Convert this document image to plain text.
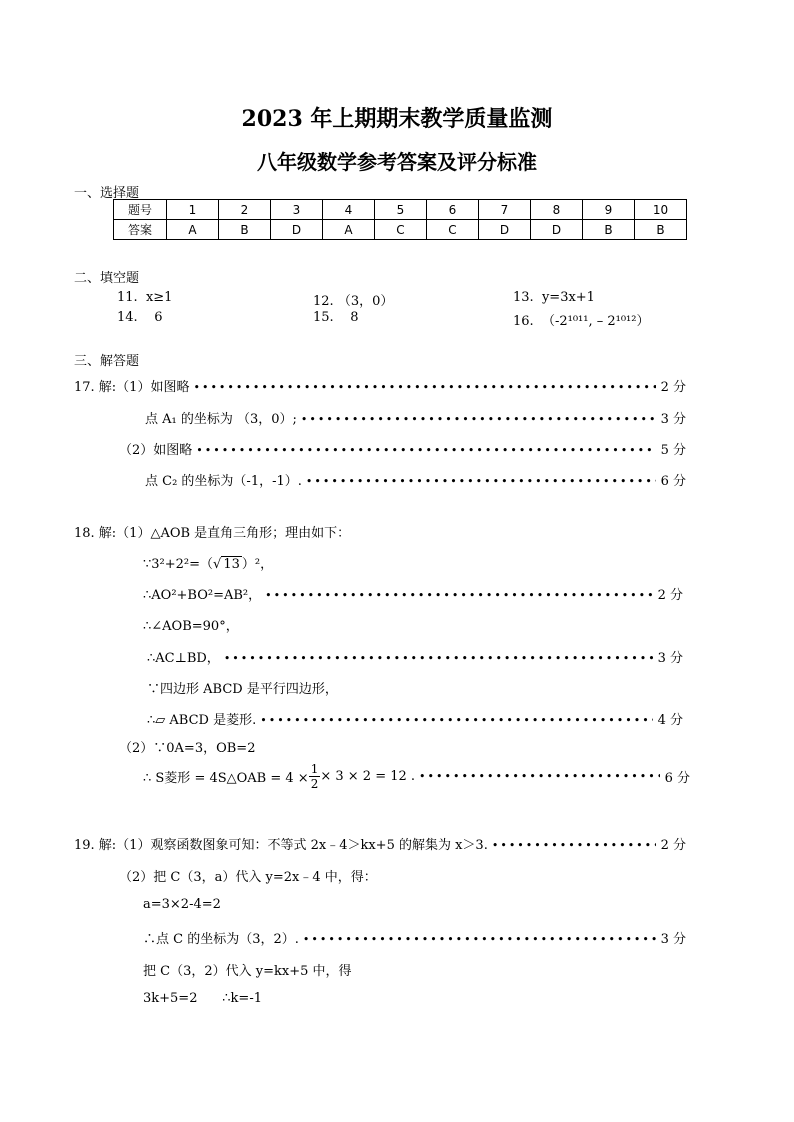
2023 年上期期末教学质量监测
八年级数学参考答案及评分标准
一、选择题
题号	1	2	3	4	5	6	7	8	9	10
答案	A	B	D	A	C	C	D	D	B	B
二、填空题
11. x≥1	12. （3，0）	13. y=3x+1
14. 6	15. 8	16. （-2¹⁰¹¹, – 2¹⁰¹²）
三、解答题
17. 解:（1）如图略 •••••	2 分
点 A₁ 的坐标为 （3，0）; •••••	3 分
（2）如图略 •••••	5 分
点 C₂ 的坐标为（-1，-1）. •••••	6 分
18. 解:（1）△AOB 是直角三角形；理由如下：
∵3²+2²=（√ 13 ）²，
∴AO²+BO²=AB²， •••••	2 分
∴∠AOB=90°，
∴AC⊥BD， •••••	3 分
∵四边形 ABCD 是平行四边形，
∴▱ ABCD 是菱形. •••••	4 分
（2）∵0A=3，OB=2
∴ S菱形 = 4S△OAB = $4 \times \frac{1}{2} \times 3 \times 2 = 12$ . •••••	6 分
19. 解:（1）观察函数图象可知：不等式 2x﹣4＞kx+5 的解集为 x＞3. •••••	2 分
（2）把 C（3，a）代入 y=2x﹣4 中，得：
a=3×2-4=2
∴点 C 的坐标为（3，2）. •••••	3 分
把 C（3，2）代入 y=kx+5 中，得
3k+5=2 ∴k=-1
